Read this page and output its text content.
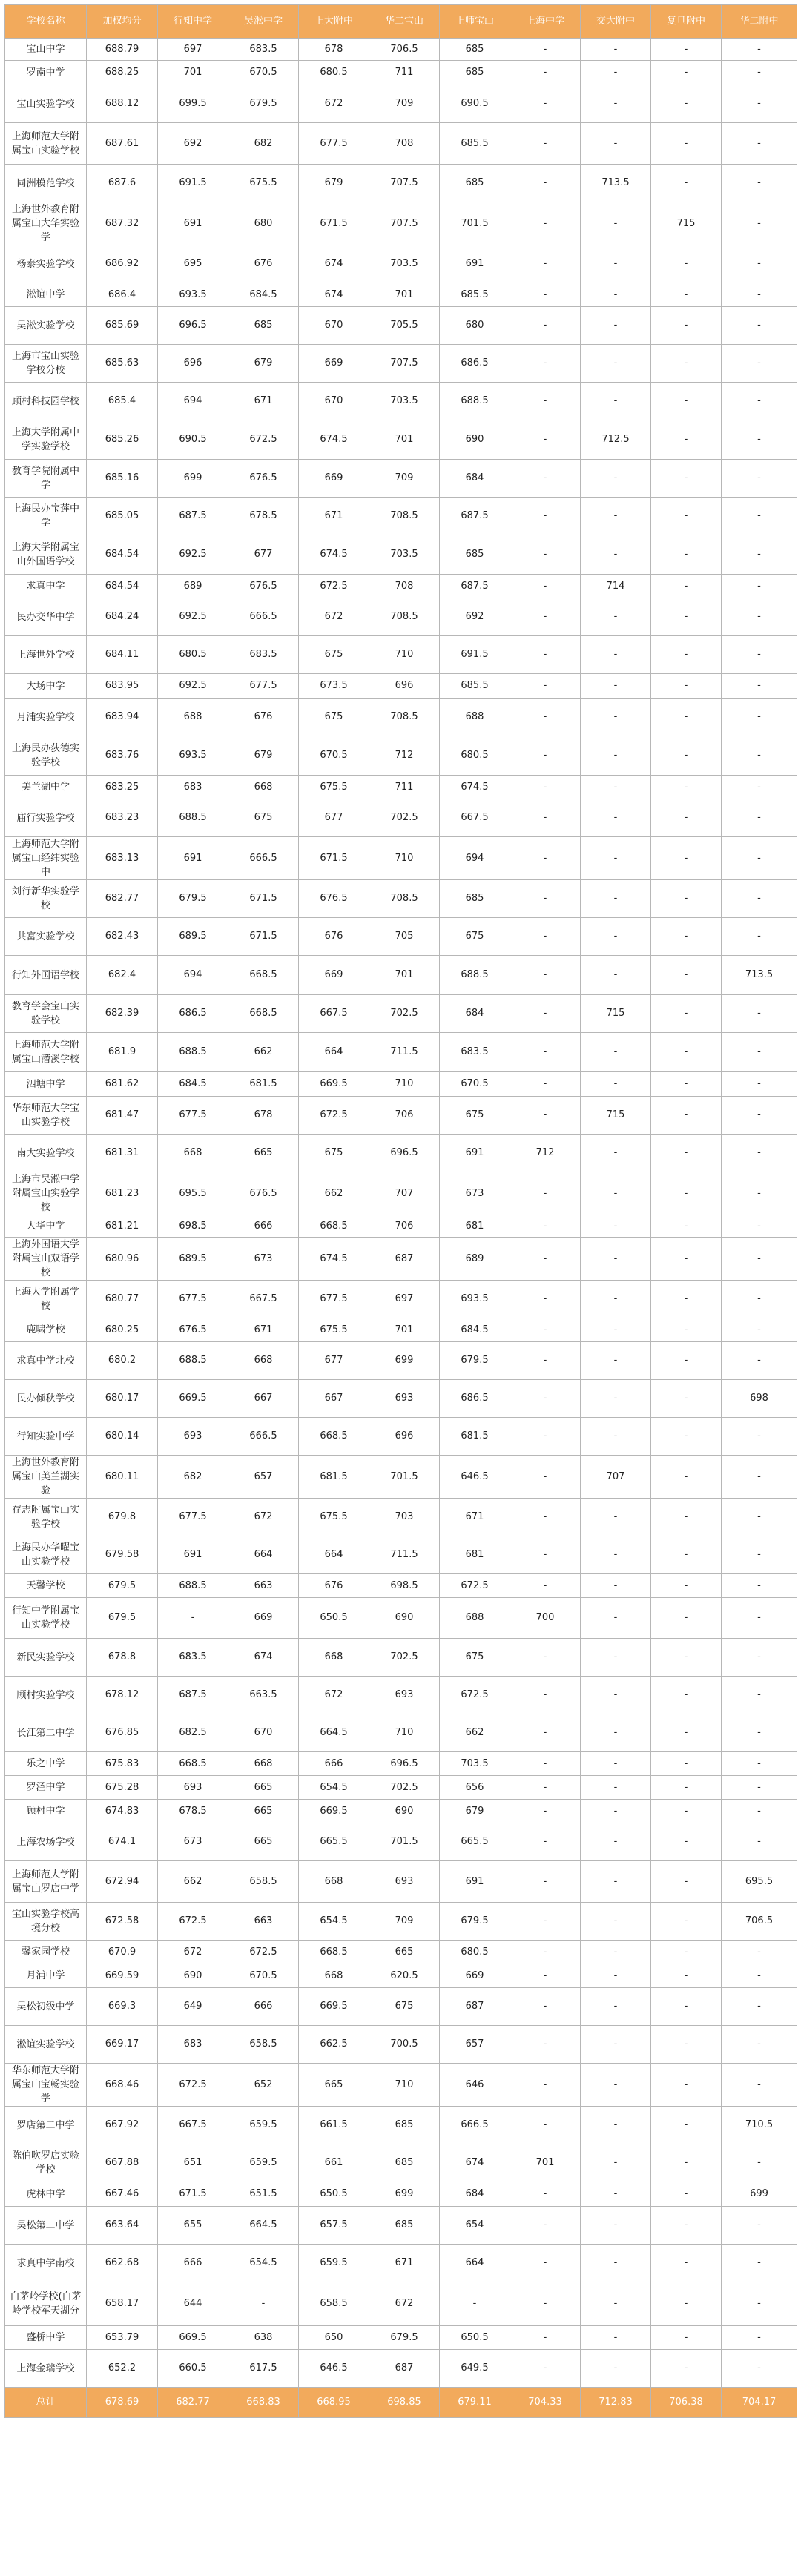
学校名称	加权均分	行知中学	吴淞中学	上大附中	华二宝山	上师宝山	上海中学	交大附中	复旦附中	华二附中
宝山中学	688.79	697	683.5	678	706.5	685	-	-	-	-
罗南中学	688.25	701	670.5	680.5	711	685	-	-	-	-
宝山实验学校	688.12	699.5	679.5	672	709	690.5	-	-	-	-
上海师范大学附属宝山实验学校	687.61	692	682	677.5	708	685.5	-	-	-	-
同洲模范学校	687.6	691.5	675.5	679	707.5	685	-	713.5	-	-
上海世外教育附属宝山大华实验学	687.32	691	680	671.5	707.5	701.5	-	-	715	-
杨泰实验学校	686.92	695	676	674	703.5	691	-	-	-	-
淞谊中学	686.4	693.5	684.5	674	701	685.5	-	-	-	-
吴淞实验学校	685.69	696.5	685	670	705.5	680	-	-	-	-
上海市宝山实验学校分校	685.63	696	679	669	707.5	686.5	-	-	-	-
顾村科技园学校	685.4	694	671	670	703.5	688.5	-	-	-	-
上海大学附属中学实验学校	685.26	690.5	672.5	674.5	701	690	-	712.5	-	-
教育学院附属中学	685.16	699	676.5	669	709	684	-	-	-	-
上海民办宝莲中学	685.05	687.5	678.5	671	708.5	687.5	-	-	-	-
上海大学附属宝山外国语学校	684.54	692.5	677	674.5	703.5	685	-	-	-	-
求真中学	684.54	689	676.5	672.5	708	687.5	-	714	-	-
民办交华中学	684.24	692.5	666.5	672	708.5	692	-	-	-	-
上海世外学校	684.11	680.5	683.5	675	710	691.5	-	-	-	-
大场中学	683.95	692.5	677.5	673.5	696	685.5	-	-	-	-
月浦实验学校	683.94	688	676	675	708.5	688	-	-	-	-
上海民办荻德实验学校	683.76	693.5	679	670.5	712	680.5	-	-	-	-
美兰湖中学	683.25	683	668	675.5	711	674.5	-	-	-	-
庙行实验学校	683.23	688.5	675	677	702.5	667.5	-	-	-	-
上海师范大学附属宝山经纬实验中	683.13	691	666.5	671.5	710	694	-	-	-	-
刘行新华实验学校	682.77	679.5	671.5	676.5	708.5	685	-	-	-	-
共富实验学校	682.43	689.5	671.5	676	705	675	-	-	-	-
行知外国语学校	682.4	694	668.5	669	701	688.5	-	-	-	713.5
教育学会宝山实验学校	682.39	686.5	668.5	667.5	702.5	684	-	715	-	-
上海师范大学附属宝山潜溪学校	681.9	688.5	662	664	711.5	683.5	-	-	-	-
泗塘中学	681.62	684.5	681.5	669.5	710	670.5	-	-	-	-
华东师范大学宝山实验学校	681.47	677.5	678	672.5	706	675	-	715	-	-
南大实验学校	681.31	668	665	675	696.5	691	712	-	-	-
上海市吴淞中学附属宝山实验学校	681.23	695.5	676.5	662	707	673	-	-	-	-
大华中学	681.21	698.5	666	668.5	706	681	-	-	-	-
上海外国语大学附属宝山双语学校	680.96	689.5	673	674.5	687	689	-	-	-	-
上海大学附属学校	680.77	677.5	667.5	677.5	697	693.5	-	-	-	-
鹿啸学校	680.25	676.5	671	675.5	701	684.5	-	-	-	-
求真中学北校	680.2	688.5	668	677	699	679.5	-	-	-	-
民办倾秋学校	680.17	669.5	667	667	693	686.5	-	-	-	698
行知实验中学	680.14	693	666.5	668.5	696	681.5	-	-	-	-
上海世外教育附属宝山美兰湖实验	680.11	682	657	681.5	701.5	646.5	-	707	-	-
存志附属宝山实验学校	679.8	677.5	672	675.5	703	671	-	-	-	-
上海民办华曜宝山实验学校	679.58	691	664	664	711.5	681	-	-	-	-
天馨学校	679.5	688.5	663	676	698.5	672.5	-	-	-	-
行知中学附属宝山实验学校	679.5	-	669	650.5	690	688	700	-	-	-
新民实验学校	678.8	683.5	674	668	702.5	675	-	-	-	-
顾村实验学校	678.12	687.5	663.5	672	693	672.5	-	-	-	-
长江第二中学	676.85	682.5	670	664.5	710	662	-	-	-	-
乐之中学	675.83	668.5	668	666	696.5	703.5	-	-	-	-
罗泾中学	675.28	693	665	654.5	702.5	656	-	-	-	-
顾村中学	674.83	678.5	665	669.5	690	679	-	-	-	-
上海农场学校	674.1	673	665	665.5	701.5	665.5	-	-	-	-
上海师范大学附属宝山罗店中学	672.94	662	658.5	668	693	691	-	-	-	695.5
宝山实验学校高境分校	672.58	672.5	663	654.5	709	679.5	-	-	-	706.5
馨家园学校	670.9	672	672.5	668.5	665	680.5	-	-	-	-
月浦中学	669.59	690	670.5	668	620.5	669	-	-	-	-
吴松初级中学	669.3	649	666	669.5	675	687	-	-	-	-
淞谊实验学校	669.17	683	658.5	662.5	700.5	657	-	-	-	-
华东师范大学附属宝山宝畅实验学	668.46	672.5	652	665	710	646	-	-	-	-
罗店第二中学	667.92	667.5	659.5	661.5	685	666.5	-	-	-	710.5
陈伯吹罗店实验学校	667.88	651	659.5	661	685	674	701	-	-	-
虎林中学	667.46	671.5	651.5	650.5	699	684	-	-	-	699
吴松第二中学	663.64	655	664.5	657.5	685	654	-	-	-	-
求真中学南校	662.68	666	654.5	659.5	671	664	-	-	-	-
白茅岭学校(白茅岭学校军天湖分	658.17	644	-	658.5	672	-	-	-	-	-
盛桥中学	653.79	669.5	638	650	679.5	650.5	-	-	-	-
上海金瑞学校	652.2	660.5	617.5	646.5	687	649.5	-	-	-	-
总计	678.69	682.77	668.83	668.95	698.85	679.11	704.33	712.83	706.38	704.17
